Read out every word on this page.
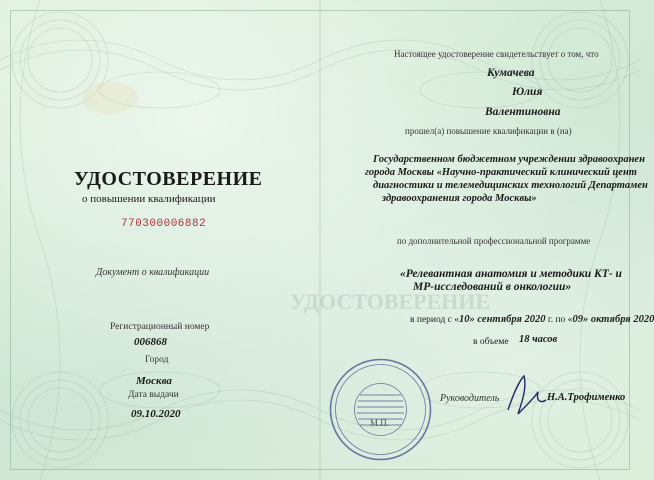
УДОСТОВЕРЕНИЕ
УДОСТОВЕРЕНИЕ
о повышении квалификации
770300006882
Документ о квалификации
Регистрационный номер
006868
Город
Москва
Дата выдачи
09.10.2020
Настоящее удостоверение свидетельствует о том, что
Кумачева
Юлия
Валентиновна
прошел(а) повышение квалификации в (на)
Государственном бюджетном учреждении здравоохранен
города Москвы «Научно-практический клинический цент
диагностики и телемедицинских технологий Департамен
здравоохранения города Москвы»
по дополнительной профессиональной программе
«Релевантная анатомия и методики КТ- и
МР-исследований в онкологии»
в период с «10» сентября 2020 г. по «09» октября 2020
в объеме 18 часов
М.П.
Руководитель	Н.А.Трофименко
